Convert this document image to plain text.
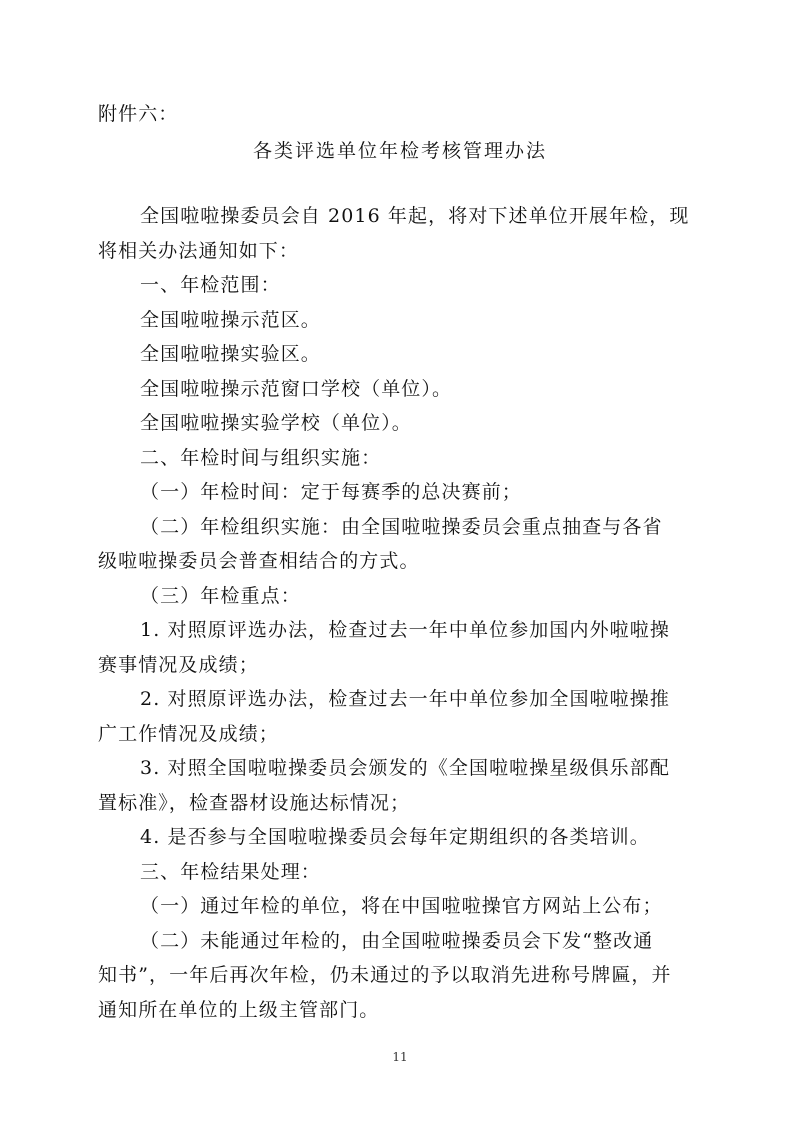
附件六：
各类评选单位年检考核管理办法
全国啦啦操委员会自 2016 年起，将对下述单位开展年检，现
将相关办法通知如下：
一、年检范围：
全国啦啦操示范区。
全国啦啦操实验区。
全国啦啦操示范窗口学校（单位）。
全国啦啦操实验学校（单位）。
二、年检时间与组织实施：
（一）年检时间：定于每赛季的总决赛前；
（二）年检组织实施：由全国啦啦操委员会重点抽查与各省
级啦啦操委员会普查相结合的方式。
（三）年检重点：
1. 对照原评选办法，检查过去一年中单位参加国内外啦啦操
赛事情况及成绩；
2. 对照原评选办法，检查过去一年中单位参加全国啦啦操推
广工作情况及成绩；
3. 对照全国啦啦操委员会颁发的《全国啦啦操星级俱乐部配
置标准》，检查器材设施达标情况；
4. 是否参与全国啦啦操委员会每年定期组织的各类培训。
三、年检结果处理：
（一）通过年检的单位，将在中国啦啦操官方网站上公布；
（二）未能通过年检的，由全国啦啦操委员会下发“整改通
知书”，一年后再次年检，仍未通过的予以取消先进称号牌匾，并
通知所在单位的上级主管部门。
11
